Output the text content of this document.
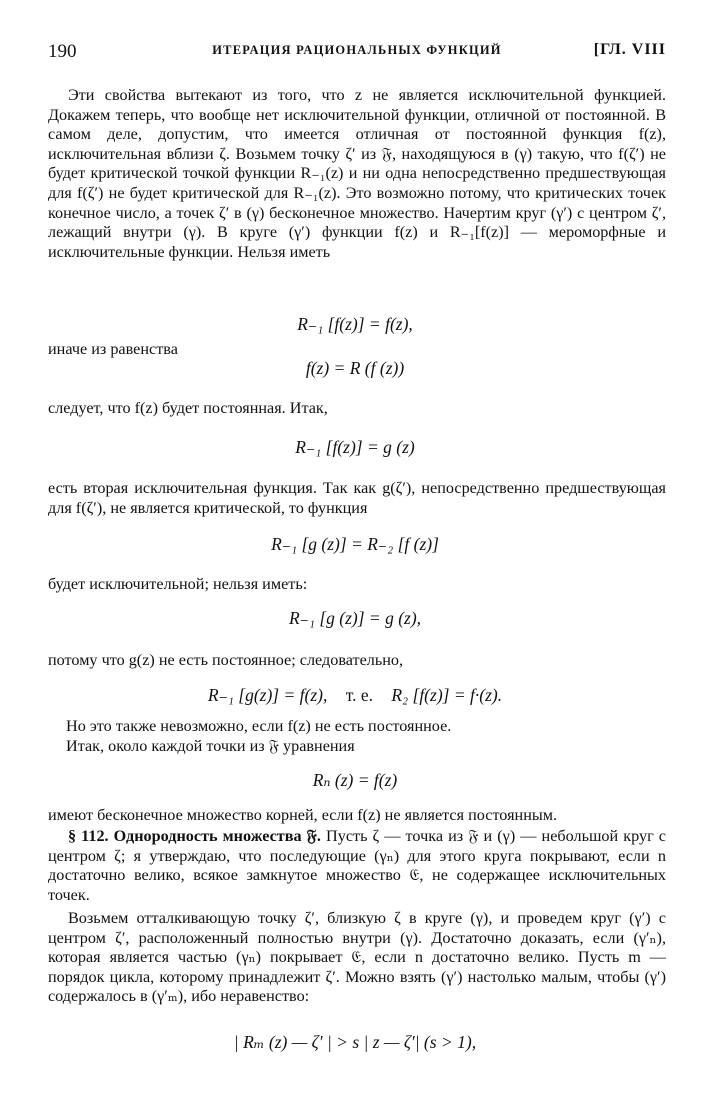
190	ИТЕРАЦИЯ РАЦИОНАЛЬНЫХ ФУНКЦИЙ	[ГЛ. VIII
Эти свойства вытекают из того, что z не является исключительной функцией. Докажем теперь, что вообще нет исключительной функции, отличной от постоянной. В самом деле, допустим, что имеется отличная от постоянной функция f(z), исключительная вблизи ζ. Возьмем точку ζ′ из 𝔉, находящуюся в (γ) такую, что f(ζ′) не будет критической точкой функции R₋₁(z) и ни одна непосредственно предшествующая для f(ζ′) не будет критической для R₋₁(z). Это возможно потому, что критических точек конечное число, а точек ζ′ в (γ) бесконечное множество. Начертим круг (γ′) с центром ζ′, лежащий внутри (γ). В круге (γ′) функции f(z) и R₋₁[f(z)] — мероморфные и исключительные функции. Нельзя иметь
R₋₁ [f(z)] = f(z),
иначе из равенства
f(z) = R (f (z))
следует, что f(z) будет постоянная. Итак,
R₋₁ [f(z)] = g (z)
есть вторая исключительная функция. Так как g(ζ′), непосредственно предшествующая для f(ζ′), не является критической, то функция
R₋₁ [g (z)] = R₋₂ [f (z)]
будет исключительной; нельзя иметь:
R₋₁ [g (z)] = g (z),
потому что g(z) не есть постоянное; следовательно,
R₋₁ [g(z)] = f(z), т. е. R₂ [f(z)] = f·(z).
Но это также невозможно, если f(z) не есть постоянное.
Итак, около каждой точки из 𝔉 уравнения
Rₙ (z) = f(z)
имеют бесконечное множество корней, если f(z) не является постоянным.
§ 112. Однородность множества 𝔉. Пусть ζ — точка из 𝔉 и (γ) — небольшой круг с центром ζ; я утверждаю, что последующие (γₙ) для этого круга покрывают, если n достаточно велико, всякое замкнутое множество 𝔈, не содержащее исключительных точек.
Возьмем отталкивающую точку ζ′, близкую ζ в круге (γ), и проведем круг (γ′) с центром ζ′, расположенный полностью внутри (γ). Достаточно доказать, если (γ′ₙ), которая является частью (γₙ) покрывает 𝔈, если n достаточно велико. Пусть m — порядок цикла, которому принадлежит ζ′. Можно взять (γ′) настолько малым, чтобы (γ′) содержалось в (γ′ₘ), ибо неравенство:
| Rₘ (z) — ζ′ | > s | z — ζ′| (s > 1),
